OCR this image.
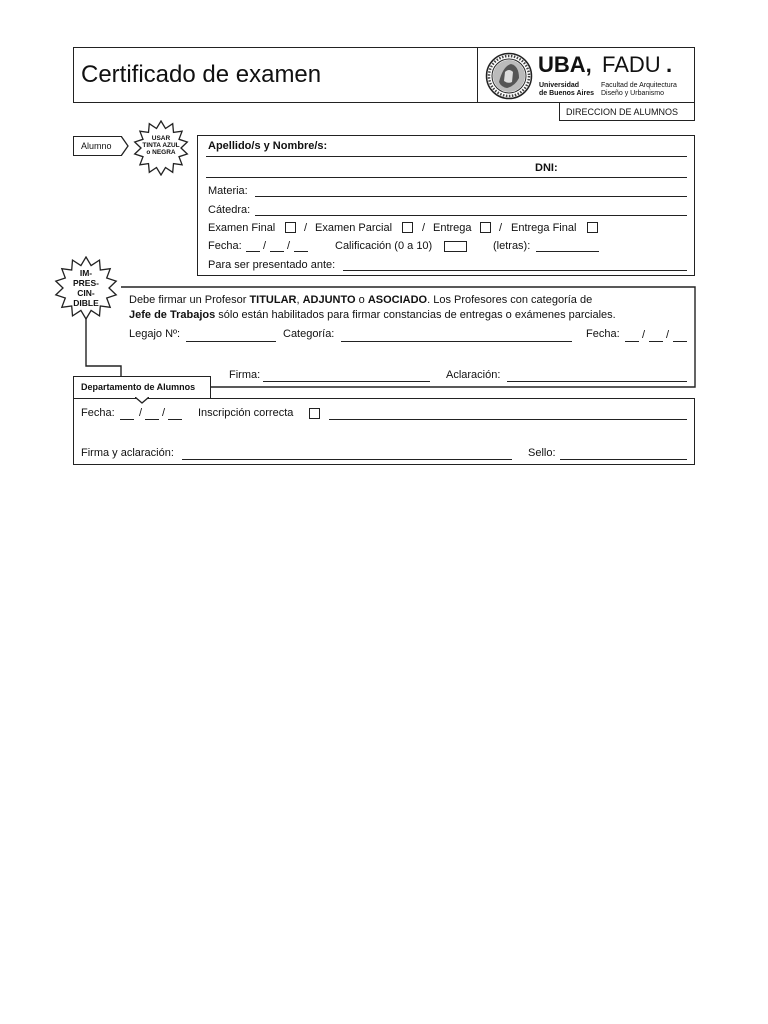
Certificado de examen	UBA, FADU .
Universidad
de Buenos Aires
Facultad de Arquitectura
Diseño y Urbanismo
DIRECCION DE ALUMNOS
Alumno
USAR
TINTA AZUL
o NEGRA
Apellido/s y Nombre/s:
DNI:
Materia:
Cátedra:
Examen Final	/ Examen Parcial	/ Entrega / Entrega Final
Fecha: / /	Calificación (0 a 10)	(letras):
Para ser presentado ante:
IM-
PRES-
CIN-
DIBLE	Debe firmar un Profesor TITULAR, ADJUNTO o ASOCIADO. Los Profesores con categoría de
Jefe de Trabajos sólo están habilitados para firmar constancias de entregas o exámenes parciales.
Legajo Nº:	Categoría:	Fecha: / /
Firma:	Aclaración:
Departamento de Alumnos
Fecha: / /	Inscripción correcta
Firma y aclaración:	Sello:
